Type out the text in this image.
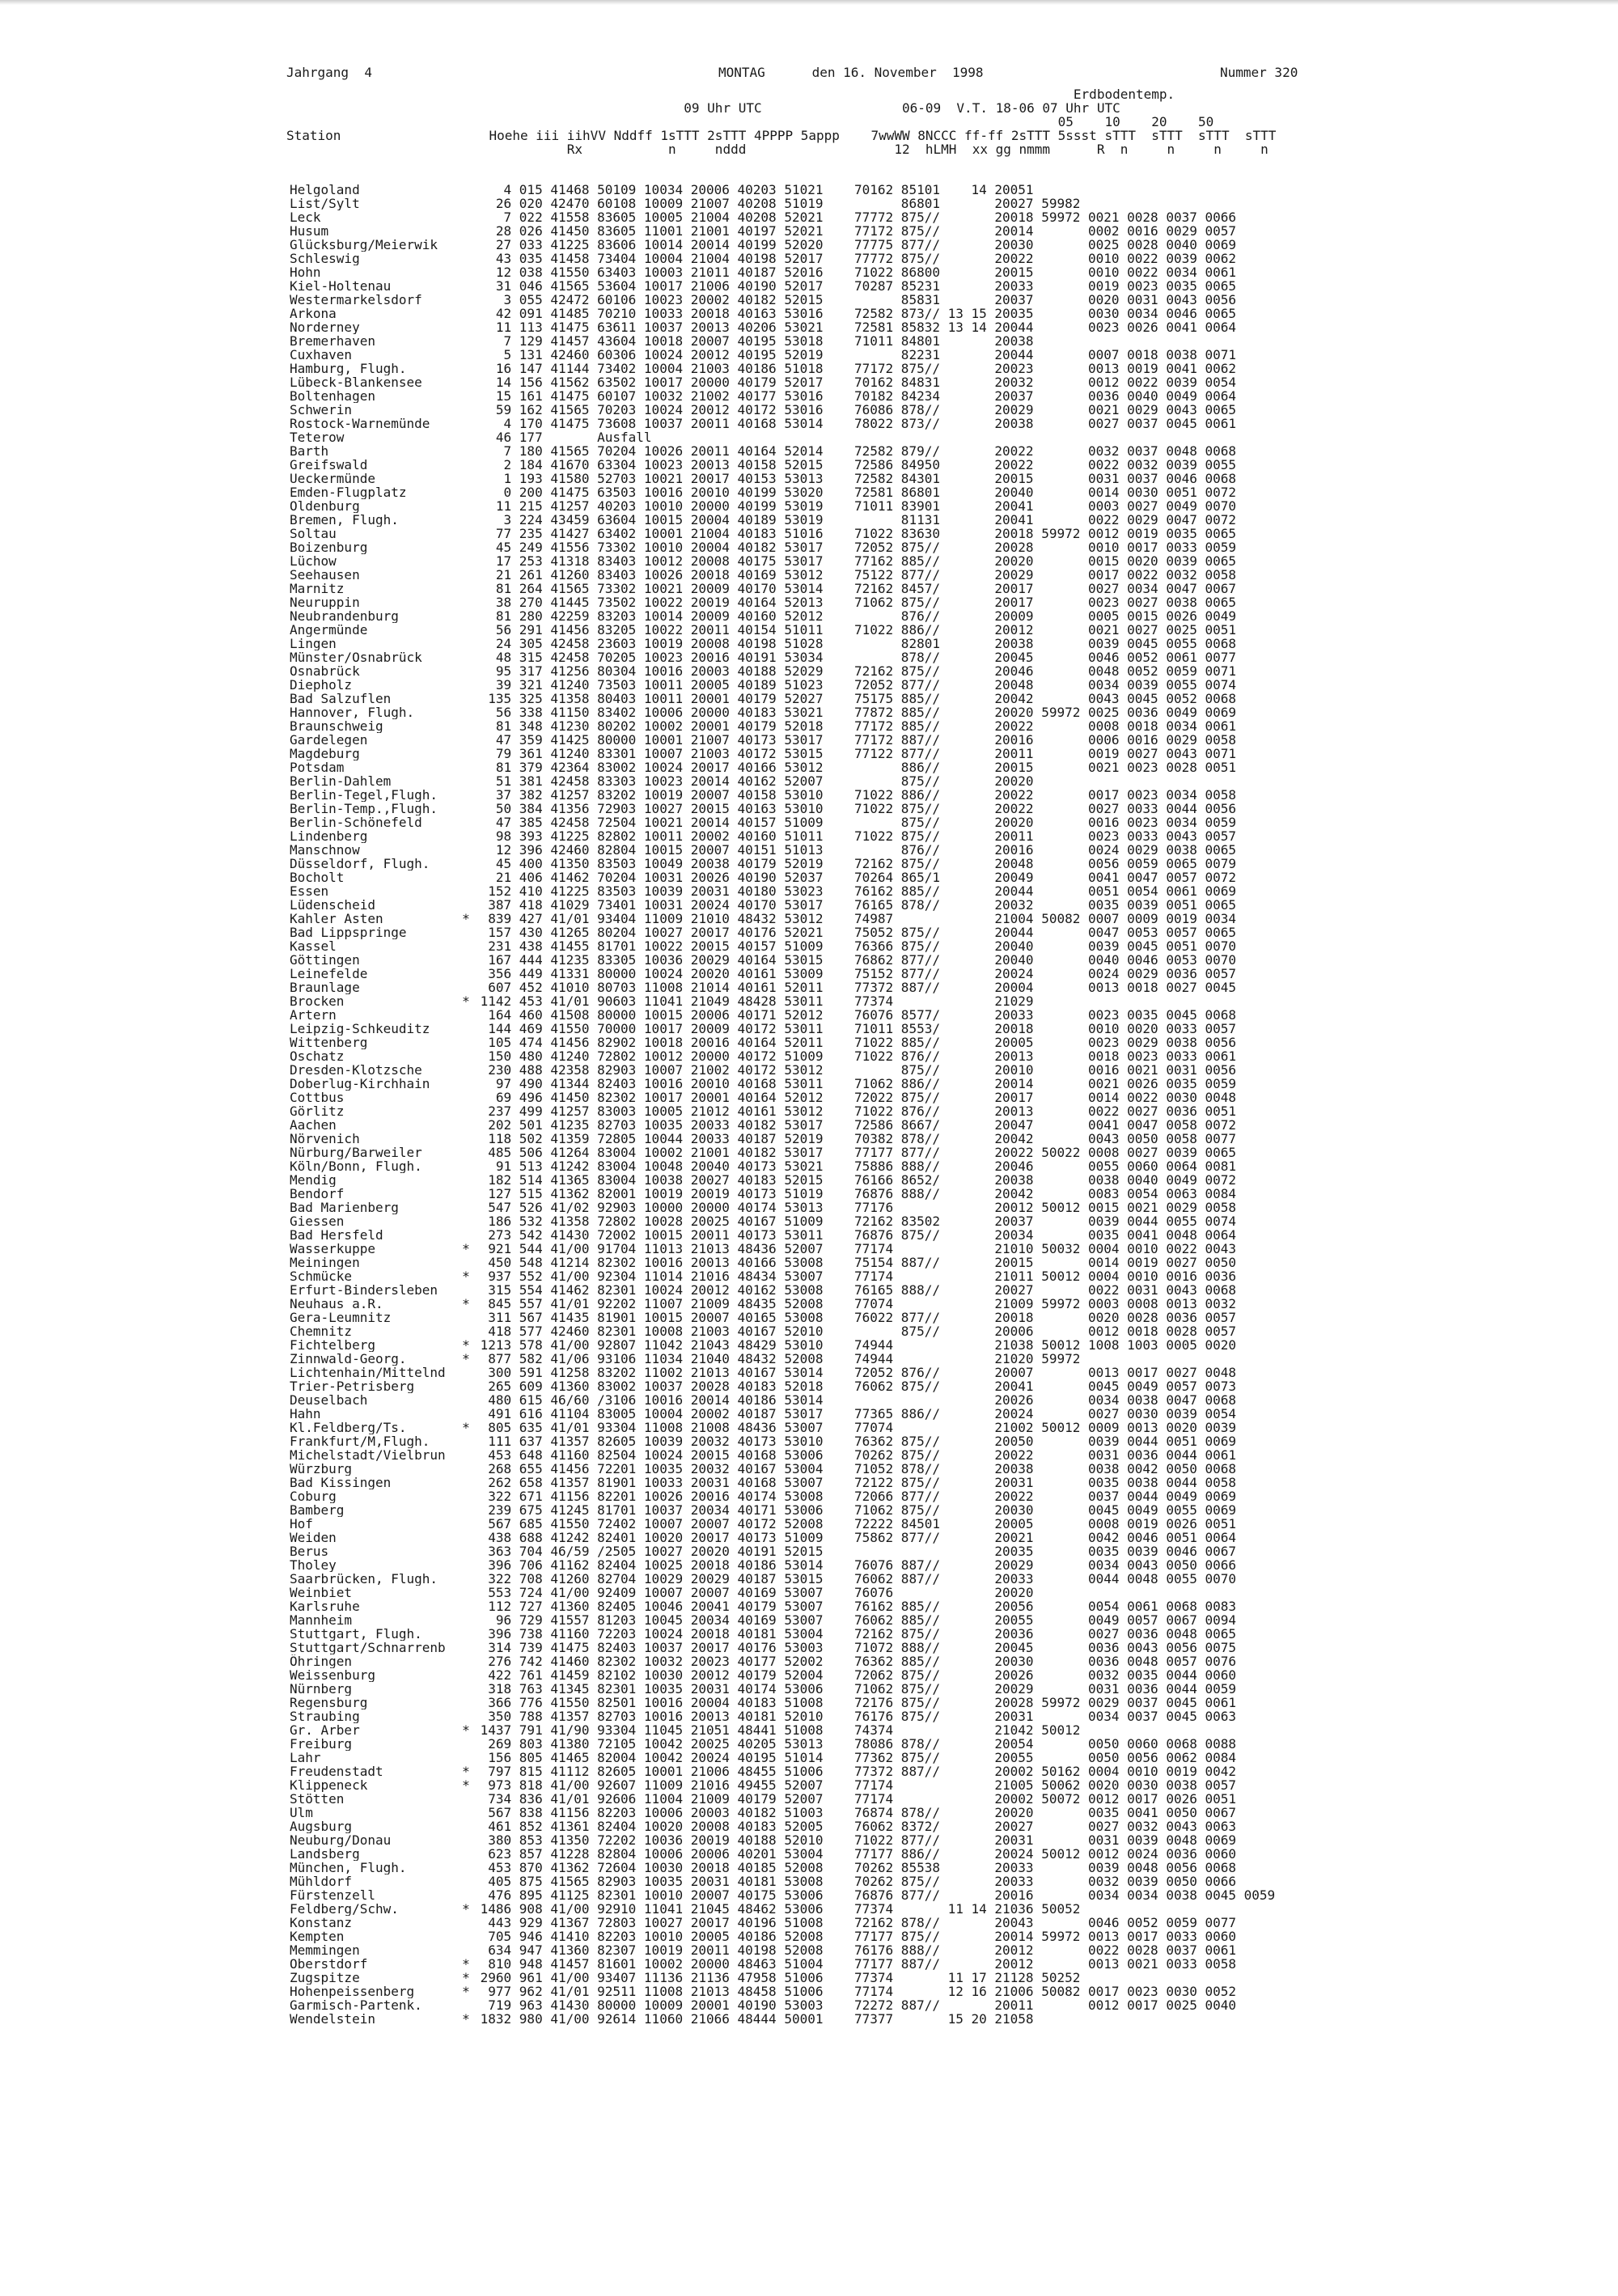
Jahrgang  4	MONTAG      den 16. November  1998	Nummer 320
Erdbodentemp.
09 Uhr UTC                  06-09  V.T. 18-06 07 Uhr UTC
05    10    20    50
Station                   Hoehe iii iihVV Nddff 1sTTT 2sTTT 4PPPP 5appp    7wwWW 8NCCC ff-ff 2sTTT 5ssst sTTT  sTTT  sTTT  sTTT
Rx           n     nddd                   12  hLMH  xx gg nmmm      R  n     n     n     n
Helgoland	4 015 41468 50109 10034 20006 40203 51021    70162 85101    14 20051
List/Sylt	26 020 42470 60108 10009 21007 40208 51019          86801       20027 59982
Leck	7 022 41558 83605 10005 21004 40208 52021    77772 875//       20018 59972 0021 0028 0037 0066
Husum	28 026 41450 83605 11001 21001 40197 52021    77172 875//       20014       0002 0016 0029 0057
Glücksburg/Meierwik	27 033 41225 83606 10014 20014 40199 52020    77775 877//       20030       0025 0028 0040 0069
Schleswig	43 035 41458 73404 10004 21004 40198 52017    77772 875//       20022       0010 0022 0039 0062
Hohn	12 038 41550 63403 10003 21011 40187 52016    71022 86800       20015       0010 0022 0034 0061
Kiel-Holtenau	31 046 41565 53604 10017 21006 40190 52017    70287 85231       20033       0019 0023 0035 0065
Westermarkelsdorf	3 055 42472 60106 10023 20002 40182 52015          85831       20037       0020 0031 0043 0056
Arkona	42 091 41485 70210 10033 20018 40163 53016    72582 873// 13 15 20035       0030 0034 0046 0065
Norderney	11 113 41475 63611 10037 20013 40206 53021    72581 85832 13 14 20044       0023 0026 0041 0064
Bremerhaven	7 129 41457 43604 10018 20007 40195 53018    71011 84801       20038
Cuxhaven	5 131 42460 60306 10024 20012 40195 52019          82231       20044       0007 0018 0038 0071
Hamburg, Flugh.	16 147 41144 73402 10004 21003 40186 51018    77172 875//       20023       0013 0019 0041 0062
Lübeck-Blankensee	14 156 41562 63502 10017 20000 40179 52017    70162 84831       20032       0012 0022 0039 0054
Boltenhagen	15 161 41475 60107 10032 21002 40177 53016    70182 84234       20037       0036 0040 0049 0064
Schwerin	59 162 41565 70203 10024 20012 40172 53016    76086 878//       20029       0021 0029 0043 0065
Rostock-Warnemünde	4 170 41475 73608 10037 20011 40168 53014    78022 873//       20038       0027 0037 0045 0061
Teterow	46 177       Ausfall
Barth	7 180 41565 70204 10026 20011 40164 52014    72582 879//       20022       0032 0037 0048 0068
Greifswald	2 184 41670 63304 10023 20013 40158 52015    72586 84950       20022       0022 0032 0039 0055
Ueckermünde	1 193 41580 52703 10021 20017 40153 53013    72582 84301       20015       0031 0037 0046 0068
Emden-Flugplatz	0 200 41475 63503 10016 20010 40199 53020    72581 86801       20040       0014 0030 0051 0072
Oldenburg	11 215 41257 40203 10010 20000 40199 53019    71011 83901       20041       0003 0027 0049 0070
Bremen, Flugh.	3 224 43459 63604 10015 20004 40189 53019          81131       20041       0022 0029 0047 0072
Soltau	77 235 41427 63402 10001 21004 40183 51016    71022 83630       20018 59972 0012 0019 0035 0065
Boizenburg	45 249 41556 73302 10010 20004 40182 53017    72052 875//       20028       0010 0017 0033 0059
Lüchow	17 253 41318 83403 10012 20008 40175 53017    77162 885//       20020       0015 0020 0039 0065
Seehausen	21 261 41260 83403 10026 20018 40169 53012    75122 877//       20029       0017 0022 0032 0058
Marnitz	81 264 41565 73302 10021 20009 40170 53014    72162 8457/       20017       0027 0034 0047 0067
Neuruppin	38 270 41445 73502 10022 20019 40164 52013    71062 875//       20017       0023 0027 0038 0065
Neubrandenburg	81 280 42259 83203 10014 20009 40160 52012          876//       20009       0005 0015 0026 0049
Angermünde	56 291 41456 83205 10022 20011 40154 51011    71022 886//       20012       0021 0027 0025 0051
Lingen	24 305 42458 23603 10019 20008 40198 51028          82801       20038       0039 0045 0055 0068
Münster/Osnabrück	48 315 42458 70205 10023 20016 40191 53034          878//       20045       0046 0052 0061 0077
Osnabrück	95 317 41256 80304 10016 20003 40188 52029    72162 875//       20046       0048 0052 0059 0071
Diepholz	39 321 41240 73503 10011 20005 40189 51023    72052 877//       20048       0034 0039 0055 0074
Bad Salzuflen	135 325 41358 80403 10011 20001 40179 52027    75175 885//       20042       0043 0045 0052 0068
Hannover, Flugh.	56 338 41150 83402 10006 20000 40183 53021    77872 885//       20020 59972 0025 0036 0049 0069
Braunschweig	81 348 41230 80202 10002 20001 40179 52018    77172 885//       20022       0008 0018 0034 0061
Gardelegen	47 359 41425 80000 10001 21007 40173 53017    77172 887//       20016       0006 0016 0029 0058
Magdeburg	79 361 41240 83301 10007 21003 40172 53015    77122 877//       20011       0019 0027 0043 0071
Potsdam	81 379 42364 83002 10024 20017 40166 53012          886//       20015       0021 0023 0028 0051
Berlin-Dahlem	51 381 42458 83303 10023 20014 40162 52007          875//       20020
Berlin-Tegel,Flugh.	37 382 41257 83202 10019 20007 40158 53010    71022 886//       20022       0017 0023 0034 0058
Berlin-Temp.,Flugh.	50 384 41356 72903 10027 20015 40163 53010    71022 875//       20022       0027 0033 0044 0056
Berlin-Schönefeld	47 385 42458 72504 10021 20014 40157 51009          875//       20020       0016 0023 0034 0059
Lindenberg	98 393 41225 82802 10011 20002 40160 51011    71022 875//       20011       0023 0033 0043 0057
Manschnow	12 396 42460 82804 10015 20007 40151 51013          876//       20016       0024 0029 0038 0065
Düsseldorf, Flugh.	45 400 41350 83503 10049 20038 40179 52019    72162 875//       20048       0056 0059 0065 0079
Bocholt	21 406 41462 70204 10031 20026 40190 52037    70264 865/1       20049       0041 0047 0057 0072
Essen	152 410 41225 83503 10039 20031 40180 53023    76162 885//       20044       0051 0054 0061 0069
Lüdenscheid	387 418 41029 73401 10031 20024 40170 53017    76165 878//       20032       0035 0039 0051 0065
Kahler Asten	* 839 427 41/01 93404 11009 21010 48432 53012    74987             21004 50082 0007 0009 0019 0034
Bad Lippspringe	157 430 41265 80204 10027 20017 40176 52021    75052 875//       20044       0047 0053 0057 0065
Kassel	231 438 41455 81701 10022 20015 40157 51009    76366 875//       20040       0039 0045 0051 0070
Göttingen	167 444 41235 83305 10036 20029 40164 53015    76862 877//       20040       0040 0046 0053 0070
Leinefelde	356 449 41331 80000 10024 20020 40161 53009    75152 877//       20024       0024 0029 0036 0057
Braunlage	607 452 41010 80703 11008 21014 40161 52011    77372 887//       20004       0013 0018 0027 0045
Brocken	* 1142 453 41/01 90603 11041 21049 48428 53011    77374             21029
Artern	164 460 41508 80000 10015 20006 40171 52012    76076 8577/       20033       0023 0035 0045 0068
Leipzig-Schkeuditz	144 469 41550 70000 10017 20009 40172 53011    71011 8553/       20018       0010 0020 0033 0057
Wittenberg	105 474 41456 82902 10018 20016 40164 52011    71022 885//       20005       0023 0029 0038 0056
Oschatz	150 480 41240 72802 10012 20000 40172 51009    71022 876//       20013       0018 0023 0033 0061
Dresden-Klotzsche	230 488 42358 82903 10007 21002 40172 53012          875//       20010       0016 0021 0031 0056
Doberlug-Kirchhain	97 490 41344 82403 10016 20010 40168 53011    71062 886//       20014       0021 0026 0035 0059
Cottbus	69 496 41450 82302 10017 20001 40164 52012    72022 875//       20017       0014 0022 0030 0048
Görlitz	237 499 41257 83003 10005 21012 40161 53012    71022 876//       20013       0022 0027 0036 0051
Aachen	202 501 41235 82703 10035 20033 40182 53017    72586 8667/       20047       0041 0047 0058 0072
Nörvenich	118 502 41359 72805 10044 20033 40187 52019    70382 878//       20042       0043 0050 0058 0077
Nürburg/Barweiler	485 506 41264 83004 10002 21001 40182 53017    77177 877//       20022 50022 0008 0027 0039 0065
Köln/Bonn, Flugh.	91 513 41242 83004 10048 20040 40173 53021    75886 888//       20046       0055 0060 0064 0081
Mendig	182 514 41365 83004 10038 20027 40183 52015    76166 8652/       20038       0038 0040 0049 0072
Bendorf	127 515 41362 82001 10019 20019 40173 51019    76876 888//       20042       0083 0054 0063 0084
Bad Marienberg	547 526 41/02 92903 10000 20000 40174 53013    77176             20012 50012 0015 0021 0029 0058
Giessen	186 532 41358 72802 10028 20025 40167 51009    72162 83502       20037       0039 0044 0055 0074
Bad Hersfeld	273 542 41430 72002 10015 20011 40173 53011    76876 875//       20034       0035 0041 0048 0064
Wasserkuppe	* 921 544 41/00 91704 11013 21013 48436 52007    77174             21010 50032 0004 0010 0022 0043
Meiningen	450 548 41214 82302 10016 20013 40166 53008    75154 887//       20015       0014 0019 0027 0050
Schmücke	* 937 552 41/00 92304 11014 21016 48434 53007    77174             21011 50012 0004 0010 0016 0036
Erfurt-Bindersleben	315 554 41462 82301 10024 20012 40162 53008    76165 888//       20027       0022 0031 0043 0068
Neuhaus a.R.	* 845 557 41/01 92202 11007 21009 48435 52008    77074             21009 59972 0003 0008 0013 0032
Gera-Leumnitz	311 567 41435 81901 10015 20007 40165 53008    76022 877//       20018       0020 0028 0036 0057
Chemnitz	418 577 42460 82301 10008 21003 40167 52010          875//       20006       0012 0018 0028 0057
Fichtelberg	* 1213 578 41/00 92807 11042 21043 48429 53010    74944             21038 50012 1008 1003 0005 0020
Zinnwald-Georg.	* 877 582 41/06 93106 11034 21040 48432 52008    74944             21020 59972
Lichtenhain/Mittelnd	300 591 41258 83202 11002 21013 40167 53014    72052 876//       20007       0013 0017 0027 0048
Trier-Petrisberg	265 609 41360 83002 10037 20028 40183 52018    76062 875//       20041       0045 0049 0057 0073
Deuselbach	480 615 46/60 /3106 10016 20014 40186 53014                      20026       0034 0038 0047 0068
Hahn	491 616 41104 83005 10004 20002 40187 53017    77365 886//       20024       0027 0030 0039 0054
Kl.Feldberg/Ts.	* 805 635 41/01 93304 11008 21008 48436 53007    77074             21002 50012 0009 0013 0020 0039
Frankfurt/M,Flugh.	111 637 41357 82605 10039 20032 40173 53010    76362 875//       20050       0039 0044 0051 0069
Michelstadt/Vielbrun	453 648 41160 82504 10024 20015 40168 53006    70262 875//       20022       0031 0036 0044 0061
Würzburg	268 655 41456 72201 10035 20032 40167 53004    71052 878//       20038       0038 0042 0050 0068
Bad Kissingen	262 658 41357 81901 10033 20031 40168 53007    72122 875//       20031       0035 0038 0044 0058
Coburg	322 671 41156 82201 10026 20016 40174 53008    72066 877//       20022       0037 0044 0049 0069
Bamberg	239 675 41245 81701 10037 20034 40171 53006    71062 875//       20030       0045 0049 0055 0069
Hof	567 685 41550 72402 10007 20007 40172 52008    72222 84501       20005       0008 0019 0026 0051
Weiden	438 688 41242 82401 10020 20017 40173 51009    75862 877//       20021       0042 0046 0051 0064
Berus	363 704 46/59 /2505 10027 20020 40191 52015                      20035       0035 0039 0046 0067
Tholey	396 706 41162 82404 10025 20018 40186 53014    76076 887//       20029       0034 0043 0050 0066
Saarbrücken, Flugh.	322 708 41260 82704 10029 20029 40187 53015    76062 887//       20033       0044 0048 0055 0070
Weinbiet	553 724 41/00 92409 10007 20007 40169 53007    76076             20020
Karlsruhe	112 727 41360 82405 10046 20041 40179 53007    76162 885//       20056       0054 0061 0068 0083
Mannheim	96 729 41557 81203 10045 20034 40169 53007    76062 885//       20055       0049 0057 0067 0094
Stuttgart, Flugh.	396 738 41160 72203 10024 20018 40181 53004    72162 875//       20036       0027 0036 0048 0065
Stuttgart/Schnarrenb	314 739 41475 82403 10037 20017 40176 53003    71072 888//       20045       0036 0043 0056 0075
Öhringen	276 742 41460 82302 10032 20023 40177 52002    76362 885//       20030       0036 0048 0057 0076
Weissenburg	422 761 41459 82102 10030 20012 40179 52004    72062 875//       20026       0032 0035 0044 0060
Nürnberg	318 763 41345 82301 10035 20031 40174 53006    71062 875//       20029       0031 0036 0044 0059
Regensburg	366 776 41550 82501 10016 20004 40183 51008    72176 875//       20028 59972 0029 0037 0045 0061
Straubing	350 788 41357 82703 10016 20013 40181 52010    76176 875//       20031       0034 0037 0045 0063
Gr. Arber	* 1437 791 41/90 93304 11045 21051 48441 51008    74374             21042 50012
Freiburg	269 803 41380 72105 10042 20025 40205 53013    78086 878//       20054       0050 0060 0068 0088
Lahr	156 805 41465 82004 10042 20024 40195 51014    77362 875//       20055       0050 0056 0062 0084
Freudenstadt	* 797 815 41112 82605 10001 21006 48455 51006    77372 887//       20002 50162 0004 0010 0019 0042
Klippeneck	* 973 818 41/00 92607 11009 21016 49455 52007    77174             21005 50062 0020 0030 0038 0057
Stötten	734 836 41/01 92606 11004 21009 40179 52007    77174             20002 50072 0012 0017 0026 0051
Ulm	567 838 41156 82203 10006 20003 40182 51003    76874 878//       20020       0035 0041 0050 0067
Augsburg	461 852 41361 82404 10020 20008 40183 52005    76062 8372/       20027       0027 0032 0043 0063
Neuburg/Donau	380 853 41350 72202 10036 20019 40188 52010    71022 877//       20031       0031 0039 0048 0069
Landsberg	623 857 41228 82804 10006 20006 40201 53004    77177 886//       20024 50012 0012 0024 0036 0060
München, Flugh.	453 870 41362 72604 10030 20018 40185 52008    70262 85538       20033       0039 0048 0056 0068
Mühldorf	405 875 41565 82903 10035 20031 40181 53008    70262 875//       20033       0032 0039 0050 0066
Fürstenzell	476 895 41125 82301 10010 20007 40175 53006    76876 877//       20016       0034 0034 0038 0045 0059
Feldberg/Schw.	* 1486 908 41/00 92910 11041 21045 48462 53006    77374       11 14 21036 50052
Konstanz	443 929 41367 72803 10027 20017 40196 51008    72162 878//       20043       0046 0052 0059 0077
Kempten	705 946 41410 82203 10010 20005 40186 52008    77177 875//       20014 59972 0013 0017 0033 0060
Memmingen	634 947 41360 82307 10019 20011 40198 52008    76176 888//       20012       0022 0028 0037 0061
Oberstdorf	* 810 948 41457 81601 10002 20000 48463 51004    77177 887//       20012       0013 0021 0033 0058
Zugspitze	* 2960 961 41/00 93407 11136 21136 47958 51006    77374       11 17 21128 50252
Hohenpeissenberg	* 977 962 41/01 92511 11008 21013 48458 51006    77174       12 16 21006 50082 0017 0023 0030 0052
Garmisch-Partenk.	719 963 41430 80000 10009 20001 40190 53003    72272 887//       20011       0012 0017 0025 0040
Wendelstein	* 1832 980 41/00 92614 11060 21066 48444 50001    77377       15 20 21058
